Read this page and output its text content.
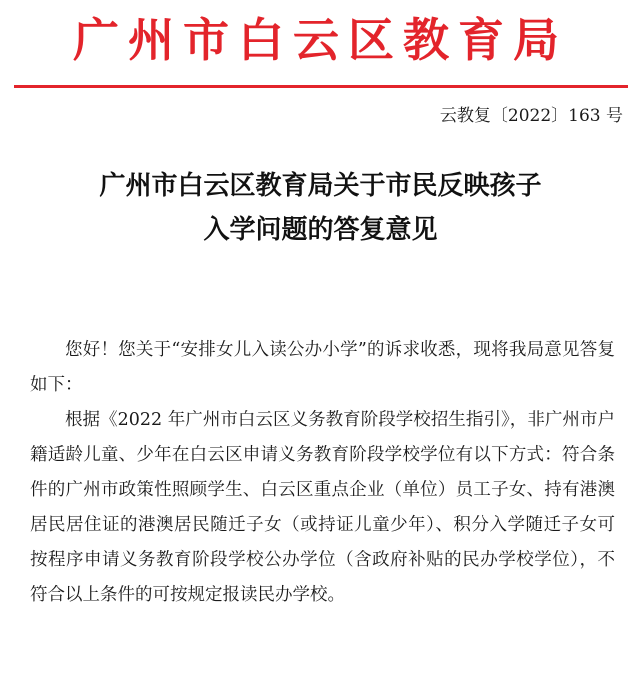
广州市白云区教育局
云教复〔2022〕163 号
广州市白云区教育局关于市民反映孩子
入学问题的答复意见

您好！您关于“安排女儿入读公办小学”的诉求收悉，现将我局意见答复如下：

根据《2022 年广州市白云区义务教育阶段学校招生指引》，非广州市户籍适龄儿童、少年在白云区申请义务教育阶段学校学位有以下方式：符合条件的广州市政策性照顾学生、白云区重点企业（单位）员工子女、持有港澳居民居住证的港澳居民随迁子女（或持证儿童少年）、积分入学随迁子女可按程序申请义务教育阶段学校公办学位（含政府补贴的民办学校学位），不符合以上条件的可按规定报读民办学校。
